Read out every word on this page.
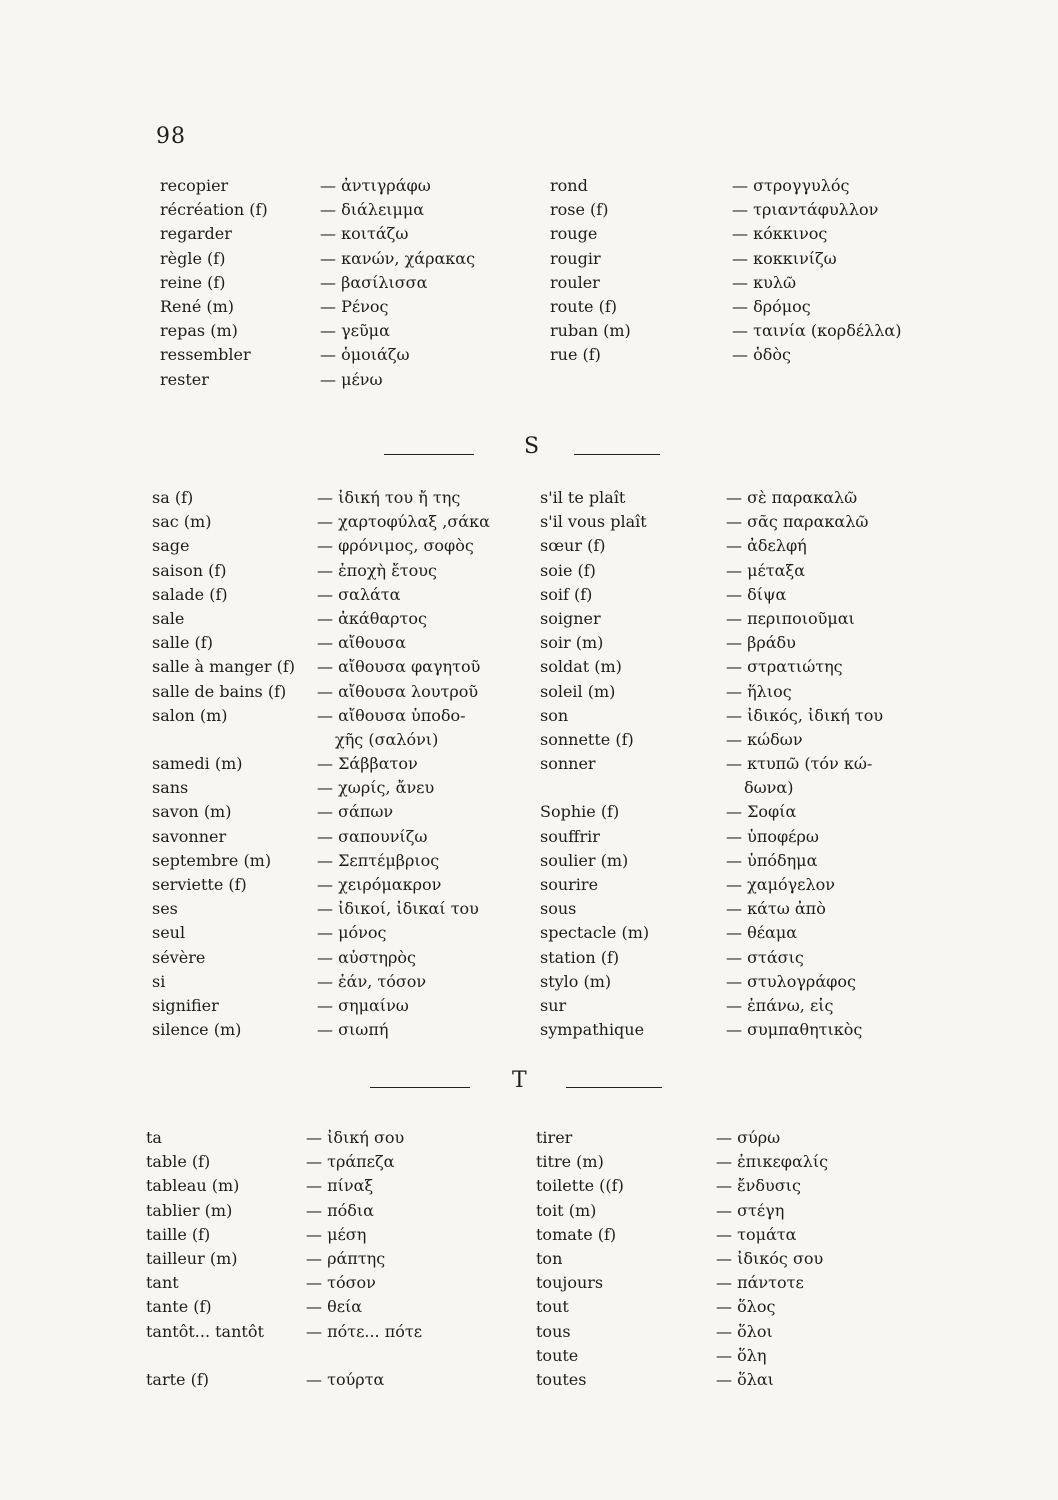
98
recopier	— ἀντιγράφω
récréation (f)	— διάλειμμα
regarder	— κοιτάζω
règle (f)	— κανών, χάρακας
reine (f)	— βασίλισσα
René (m)	— Ρένος
repas (m)	— γεῦμα
ressembler	— ὁμοιάζω
rester	— μένω
rond	— στρογγυλός
rose (f)	— τριαντάφυλλον
rouge	— κόκκινος
rougir	— κοκκινίζω
rouler	— κυλῶ
route (f)	— δρόμος
ruban (m)	— ταινία (κορδέλλα)
rue (f)	— ὁδὸς
S
sa (f)	— ἰδική του ἤ της
sac (m)	— χαρτοφύλαξ ,σάκα
sage	— φρόνιμος, σοφὸς
saison (f)	— ἐποχὴ ἔτους
salade (f)	— σαλάτα
sale	— ἀκάθαρτος
salle (f)	— αἴθουσα
salle à manger (f) — αἴθουσα φαγητοῦ
salle de bains (f) — αἴθουσα λουτροῦ
salon (m)	— αἴθουσα ὑποδο-
χῆς (σαλόνι)
samedi (m)	— Σάββατον
sans	— χωρίς, ἄνευ
savon (m)	— σάπων
savonner	— σαπουνίζω
septembre (m)	— Σεπτέμβριος
serviette (f)	— χειρόμακρον
ses	— ἰδικοί, ἰδικαί του
seul	— μόνος
sévère	— αὐστηρὸς
si	— ἐάν, τόσον
signifier	— σημαίνω
silence (m)	— σιωπή
s'il te plaît	— σὲ παρακαλῶ
s'il vous plaît	— σᾶς παρακαλῶ
sœur (f)	— ἀδελφή
soie (f)	— μέταξα
soif (f)	— δίψα
soigner	— περιποιοῦμαι
soir (m)	— βράδυ
soldat (m)	— στρατιώτης
soleil (m)	— ἥλιος
son	— ἰδικός, ἰδική του
sonnette (f)	— κώδων
sonner	— κτυπῶ (τόν κώ-
δωνα)
Sophie (f)	— Σοφία
souffrir	— ὑποφέρω
soulier (m)	— ὑπόδημα
sourire	— χαμόγελον
sous	— κάτω ἀπὸ
spectacle (m)	— θέαμα
station (f)	— στάσις
stylo (m)	— στυλογράφος
sur	— ἐπάνω, εἰς
sympathique	— συμπαθητικὸς
T
ta	— ἰδική σου
table (f)	— τράπεζα
tableau (m)	— πίναξ
tablier (m)	— πόδια
taille (f)	— μέση
tailleur (m)	— ράπτης
tant	— τόσον
tante (f)	— θεία
tantôt... tantôt	— πότε... πότε
tarte (f)	— τούρτα
tirer	— σύρω
titre (m)	— ἐπικεφαλίς
toilette ((f)	— ἔνδυσις
toit (m)	— στέγη
tomate (f)	— τομάτα
ton	— ἰδικός σου
toujours	— πάντοτε
tout	— ὅλος
tous	— ὅλοι
toute	— ὅλη
toutes	— ὅλαι
